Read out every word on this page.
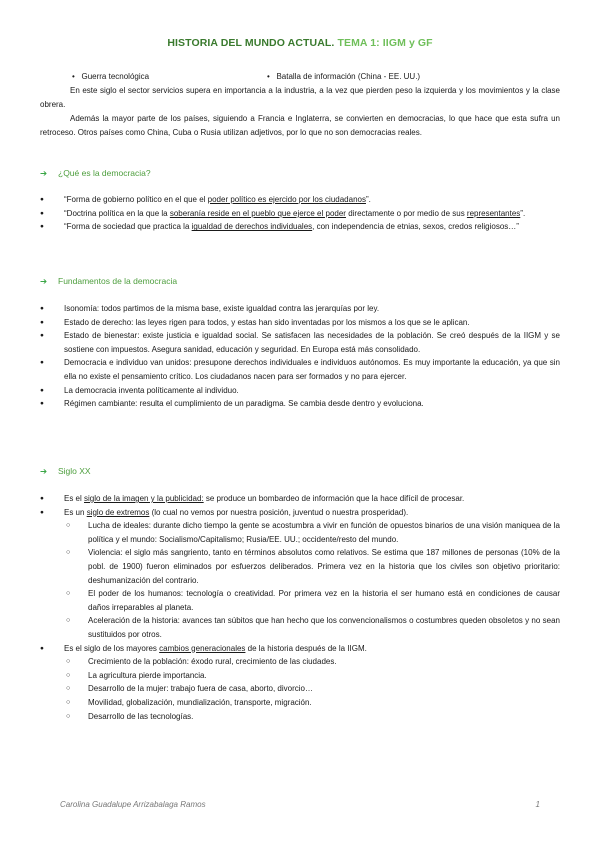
HISTORIA DEL MUNDO ACTUAL. TEMA 1: IIGM y GF
• Guerra tecnológica	• Batalla de información (China - EE. UU.)
En este siglo el sector servicios supera en importancia a la industria, a la vez que pierden peso la izquierda y los movimientos y la clase obrera.
Además la mayor parte de los países, siguiendo a Francia e Inglaterra, se convierten en democracias, lo que hace que esta sufra un retroceso. Otros países como China, Cuba o Rusia utilizan adjetivos, por lo que no son democracias reales.
➔ ¿Qué es la democracia?
● “Forma de gobierno político en el que el poder político es ejercido por los ciudadanos”.
● “Doctrina política en la que la soberanía reside en el pueblo que ejerce el poder directamente o por medio de sus representantes”.
● “Forma de sociedad que practica la igualdad de derechos individuales, con independencia de etnias, sexos, credos religiosos…”
➔ Fundamentos de la democracia
● Isonomía: todos partimos de la misma base, existe igualdad contra las jerarquías por ley.
● Estado de derecho: las leyes rigen para todos, y estas han sido inventadas por los mismos a los que se le aplican.
● Estado de bienestar: existe justicia e igualdad social. Se satisfacen las necesidades de la población. Se creó después de la IIGM y se sostiene con impuestos. Asegura sanidad, educación y seguridad. En Europa está más consolidado.
● Democracia e individuo van unidos: presupone derechos individuales e individuos autónomos. Es muy importante la educación, ya que sin ella no existe el pensamiento crítico. Los ciudadanos nacen para ser formados y no para ejercer.
● La democracia inventa políticamente al individuo.
● Régimen cambiante: resulta el cumplimiento de un paradigma. Se cambia desde dentro y evoluciona.
➔ Siglo XX
● Es el siglo de la imagen y la publicidad: se produce un bombardeo de información que la hace difícil de procesar.
● Es un siglo de extremos (lo cual no vemos por nuestra posición, juventud o nuestra prosperidad).
○ Lucha de ideales: durante dicho tiempo la gente se acostumbra a vivir en función de opuestos binarios de una visión maniquea de la política y el mundo: Socialismo/Capitalismo; Rusia/EE. UU.; occidente/resto del mundo.
○ Violencia: el siglo más sangriento, tanto en términos absolutos como relativos. Se estima que 187 millones de personas (10% de la pobl. de 1900) fueron eliminados por esfuerzos deliberados. Primera vez en la historia que los civiles son objetivo prioritario: deshumanización del contrario.
○ El poder de los humanos: tecnología o creatividad. Por primera vez en la historia el ser humano está en condiciones de causar daños irreparables al planeta.
○ Aceleración de la historia: avances tan súbitos que han hecho que los convencionalismos o costumbres queden obsoletos y no sean sustituidos por otros.
● Es el siglo de los mayores cambios generacionales de la historia después de la IIGM.
○ Crecimiento de la población: éxodo rural, crecimiento de las ciudades.
○ La agricultura pierde importancia.
○ Desarrollo de la mujer: trabajo fuera de casa, aborto, divorcio…
○ Movilidad, globalización, mundialización, transporte, migración.
○ Desarrollo de las tecnologías.
Carolina Guadalupe Arrizabalaga Ramos	1
